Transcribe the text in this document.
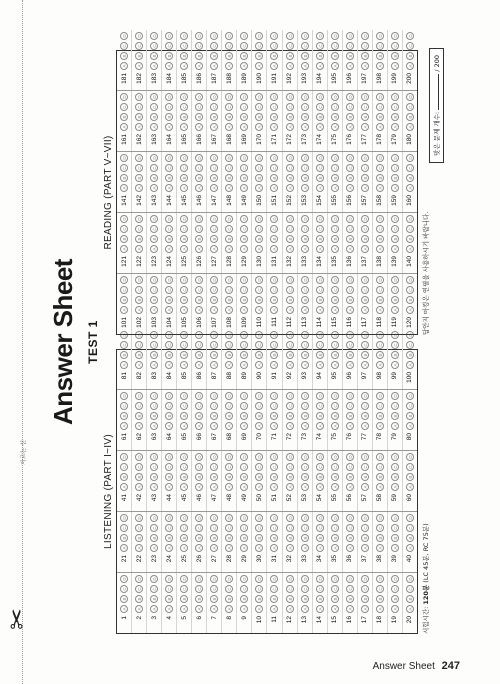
자르는 선
✂
Answer Sheet TEST 1
LISTENING (PART I~IV)
1
A
B
C
D
2
A
B
C
D
3
A
B
C
D
4
A
B
C
D
5
A
B
C
D
6
A
B
C
D
7
A
B
C
D
8
A
B
C
D
9
A
B
C
D
10
A
B
C
D
11
A
B
C
D
12
A
B
C
D
13
A
B
C
D
14
A
B
C
D
15
A
B
C
D
16
A
B
C
D
17
A
B
C
D
18
A
B
C
D
19
A
B
C
D
20
A
B
C
D
21
A
B
C
D
22
A
B
C
D
23
A
B
C
D
24
A
B
C
D
25
A
B
C
D
26
A
B
C
D
27
A
B
C
D
28
A
B
C
D
29
A
B
C
D
30
A
B
C
D
31
A
B
C
D
32
A
B
C
D
33
A
B
C
D
34
A
B
C
D
35
A
B
C
D
36
A
B
C
D
37
A
B
C
D
38
A
B
C
D
39
A
B
C
D
40
A
B
C
D
41
A
B
C
D
42
A
B
C
D
43
A
B
C
D
44
A
B
C
D
45
A
B
C
D
46
A
B
C
D
47
A
B
C
D
48
A
B
C
D
49
A
B
C
D
50
A
B
C
D
51
A
B
C
D
52
A
B
C
D
53
A
B
C
D
54
A
B
C
D
55
A
B
C
D
56
A
B
C
D
57
A
B
C
D
58
A
B
C
D
59
A
B
C
D
60
A
B
C
D
61
A
B
C
D
62
A
B
C
D
63
A
B
C
D
64
A
B
C
D
65
A
B
C
D
66
A
B
C
D
67
A
B
C
D
68
A
B
C
D
69
A
B
C
D
70
A
B
C
D
71
A
B
C
D
72
A
B
C
D
73
A
B
C
D
74
A
B
C
D
75
A
B
C
D
76
A
B
C
D
77
A
B
C
D
78
A
B
C
D
79
A
B
C
D
80
A
B
C
D
81
A
B
C
D
82
A
B
C
D
83
A
B
C
D
84
A
B
C
D
85
A
B
C
D
86
A
B
C
D
87
A
B
C
D
88
A
B
C
D
89
A
B
C
D
90
A
B
C
D
91
A
B
C
D
92
A
B
C
D
93
A
B
C
D
94
A
B
C
D
95
A
B
C
D
96
A
B
C
D
97
A
B
C
D
98
A
B
C
D
99
A
B
C
D
100
A
B
C
D
시험시간: 120분 (LC 45분, RC 75분)
READING (PART V~VII)
101
A
B
C
D
102
A
B
C
D
103
A
B
C
D
104
A
B
C
D
105
A
B
C
D
106
A
B
C
D
107
A
B
C
D
108
A
B
C
D
109
A
B
C
D
110
A
B
C
D
111
A
B
C
D
112
A
B
C
D
113
A
B
C
D
114
A
B
C
D
115
A
B
C
D
116
A
B
C
D
117
A
B
C
D
118
A
B
C
D
119
A
B
C
D
120
A
B
C
D
121
A
B
C
D
122
A
B
C
D
123
A
B
C
D
124
A
B
C
D
125
A
B
C
D
126
A
B
C
D
127
A
B
C
D
128
A
B
C
D
129
A
B
C
D
130
A
B
C
D
131
A
B
C
D
132
A
B
C
D
133
A
B
C
D
134
A
B
C
D
135
A
B
C
D
136
A
B
C
D
137
A
B
C
D
138
A
B
C
D
139
A
B
C
D
140
A
B
C
D
141
A
B
C
D
142
A
B
C
D
143
A
B
C
D
144
A
B
C
D
145
A
B
C
D
146
A
B
C
D
147
A
B
C
D
148
A
B
C
D
149
A
B
C
D
150
A
B
C
D
151
A
B
C
D
152
A
B
C
D
153
A
B
C
D
154
A
B
C
D
155
A
B
C
D
156
A
B
C
D
157
A
B
C
D
158
A
B
C
D
159
A
B
C
D
160
A
B
C
D
161
A
B
C
D
162
A
B
C
D
163
A
B
C
D
164
A
B
C
D
165
A
B
C
D
166
A
B
C
D
167
A
B
C
D
168
A
B
C
D
169
A
B
C
D
170
A
B
C
D
171
A
B
C
D
172
A
B
C
D
173
A
B
C
D
174
A
B
C
D
175
A
B
C
D
176
A
B
C
D
177
A
B
C
D
178
A
B
C
D
179
A
B
C
D
180
A
B
C
D
181
A
B
C
D
182
A
B
C
D
183
A
B
C
D
184
A
B
C
D
185
A
B
C
D
186
A
B
C
D
187
A
B
C
D
188
A
B
C
D
189
A
B
C
D
190
A
B
C
D
191
A
B
C
D
192
A
B
C
D
193
A
B
C
D
194
A
B
C
D
195
A
B
C
D
196
A
B
C
D
197
A
B
C
D
198
A
B
C
D
199
A
B
C
D
200
A
B
C
D
답안지 마킹은 연필을 사용하시기 바랍니다.
맞은 문제 개수:  / 200
Answer Sheet 247
